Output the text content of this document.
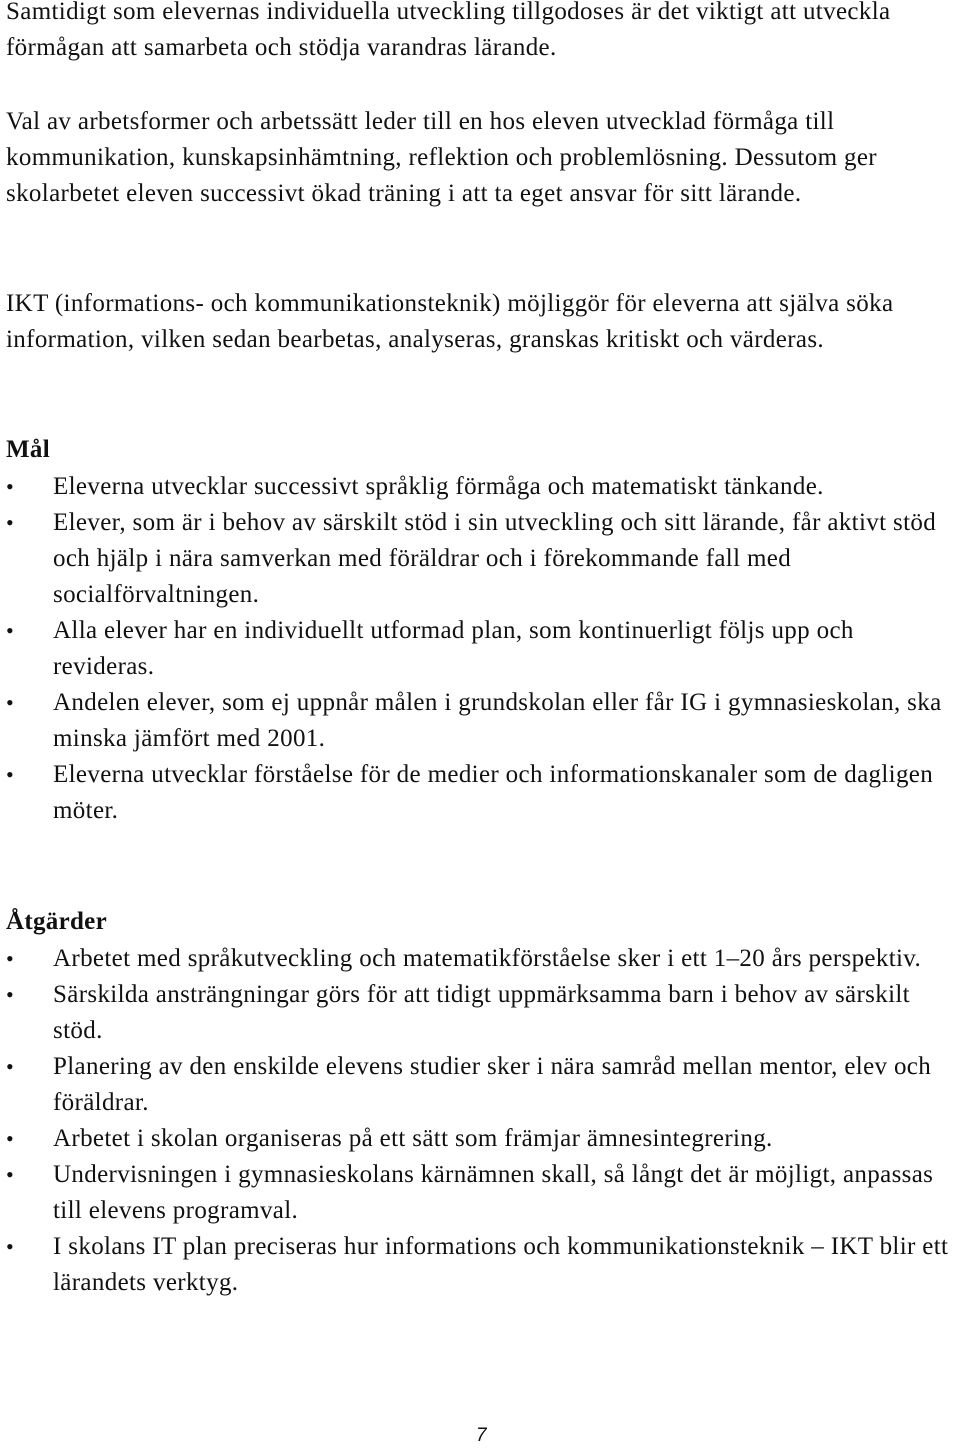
Samtidigt som elevernas individuella utveckling tillgodoses är det viktigt att utveckla förmågan att samarbeta och stödja varandras lärande.

Val av arbetsformer och arbetssätt leder till en hos eleven utvecklad förmåga till kommunikation, kunskapsinhämtning, reflektion och problemlösning. Dessutom ger skolarbetet eleven successivt ökad träning i att ta eget ansvar för sitt lärande.

IKT (informations- och kommunikationsteknik) möjliggör för eleverna att själva söka information, vilken sedan bearbetas, analyseras, granskas kritiskt och värderas.

Mål
•	Eleverna utvecklar successivt språklig förmåga och matematiskt tänkande.
•	Elever, som är i behov av särskilt stöd i sin utveckling och sitt lärande, får aktivt stöd och hjälp i nära samverkan med föräldrar och i förekommande fall med socialförvaltningen.
•	Alla elever har en individuellt utformad plan, som kontinuerligt följs upp och revideras.
•	Andelen elever, som ej uppnår målen i grundskolan eller får IG i gymnasieskolan, ska minska jämfört med 2001.
•	Eleverna utvecklar förståelse för de medier och informationskanaler som de dagligen möter.
Åtgärder
•	Arbetet med språkutveckling och matematikförståelse sker i ett 1–20 års perspektiv.
•	Särskilda ansträngningar görs för att tidigt uppmärksamma barn i behov av särskilt stöd.
•	Planering av den enskilde elevens studier sker i nära samråd mellan mentor, elev och föräldrar.
•	Arbetet i skolan organiseras på ett sätt som främjar ämnesintegrering.
•	Undervisningen i gymnasieskolans kärnämnen skall, så långt det är möjligt, anpassas till elevens programval.
•	I skolans IT plan preciseras hur informations och kommunikationsteknik – IKT blir ett lärandets verktyg.
7
